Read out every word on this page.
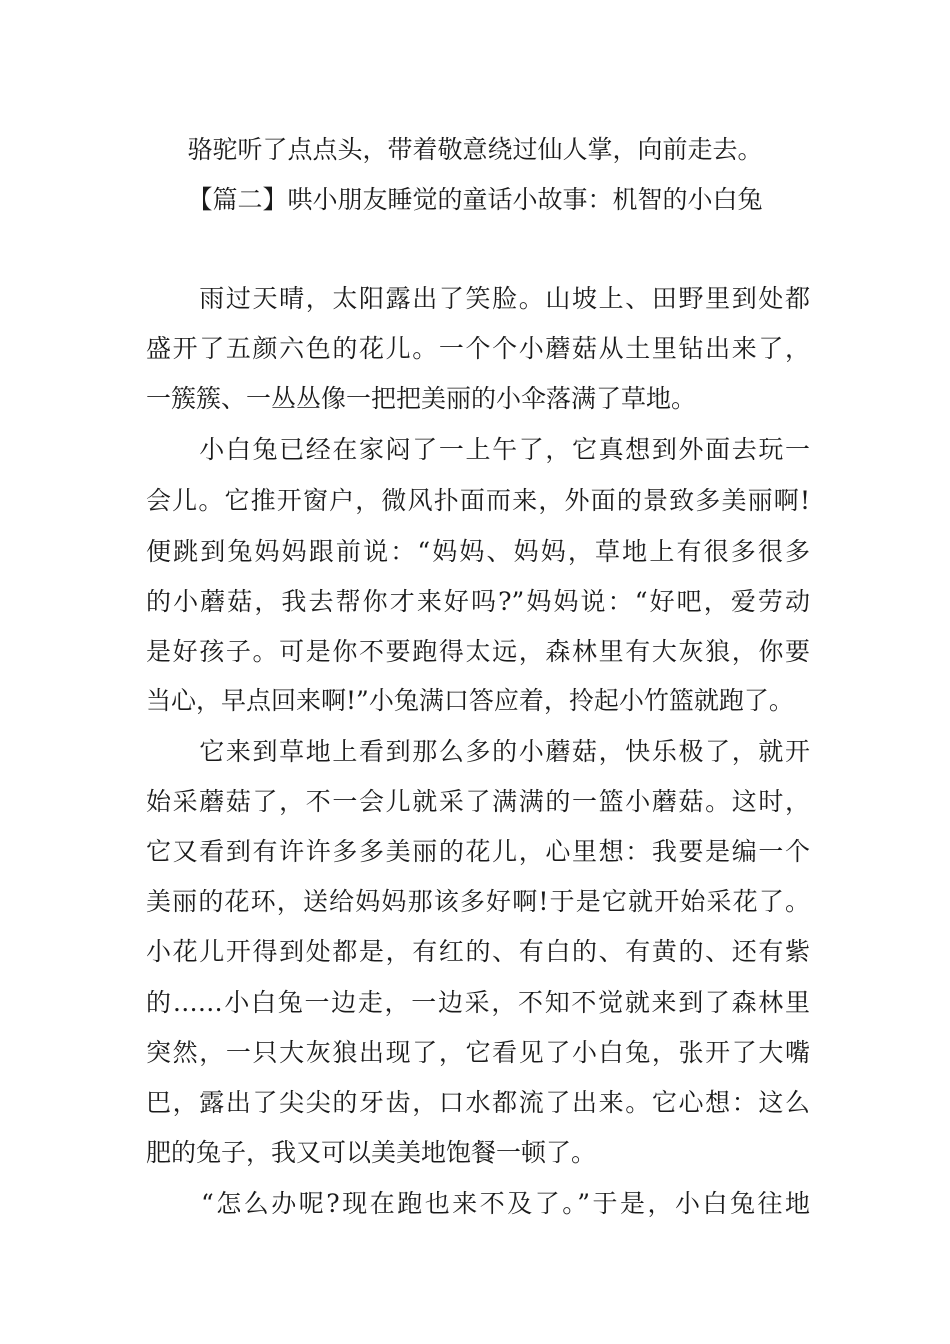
骆驼听了点点头，带着敬意绕过仙人掌，向前走去。
【篇二】哄小朋友睡觉的童话小故事：机智的小白兔
　　雨过天晴，太阳露出了笑脸。山坡上、田野里到处都
盛开了五颜六色的花儿。一个个小蘑菇从土里钻出来了，
一簇簇、一丛丛像一把把美丽的小伞落满了草地。
　　小白兔已经在家闷了一上午了，它真想到外面去玩一
会儿。它推开窗户，微风扑面而来，外面的景致多美丽啊!
便跳到兔妈妈跟前说：“妈妈、妈妈，草地上有很多很多
的小蘑菇，我去帮你才来好吗?”妈妈说：“好吧，爱劳动
是好孩子。可是你不要跑得太远，森林里有大灰狼，你要
当心，早点回来啊!”小兔满口答应着，拎起小竹篮就跑了。
　　它来到草地上看到那么多的小蘑菇，快乐极了，就开
始采蘑菇了，不一会儿就采了满满的一篮小蘑菇。这时，
它又看到有许许多多美丽的花儿，心里想：我要是编一个
美丽的花环，送给妈妈那该多好啊!于是它就开始采花了。
小花儿开得到处都是，有红的、有白的、有黄的、还有紫
的……小白兔一边走，一边采，不知不觉就来到了森林里
突然，一只大灰狼出现了，它看见了小白兔，张开了大嘴
巴，露出了尖尖的牙齿，口水都流了出来。它心想：这么
肥的兔子，我又可以美美地饱餐一顿了。
　　“怎么办呢?现在跑也来不及了。”于是，小白兔往地
